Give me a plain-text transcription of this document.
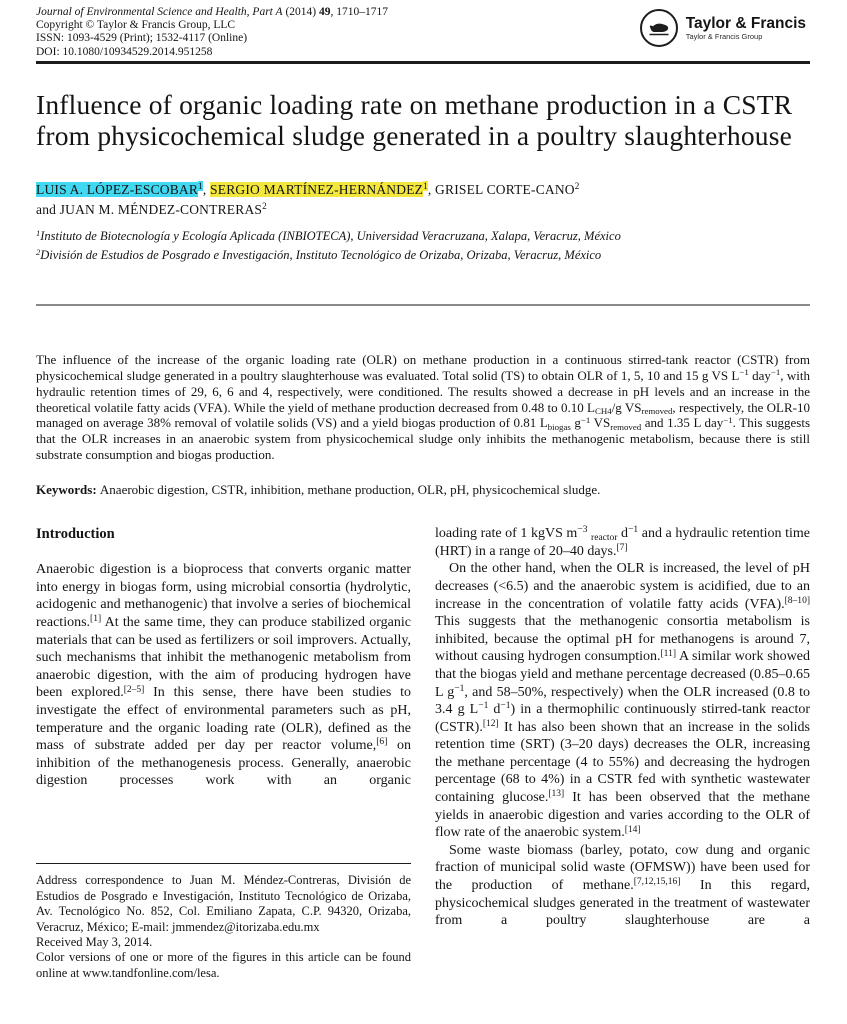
Journal of Environmental Science and Health, Part A (2014) 49, 1710–1717
Copyright © Taylor & Francis Group, LLC
ISSN: 1093-4529 (Print); 1532-4117 (Online)
DOI: 10.1080/10934529.2014.951258
Taylor & Francis
Taylor & Francis Group
Influence of organic loading rate on methane production in a CSTR from physicochemical sludge generated in a poultry slaughterhouse
LUIS A. LÓPEZ-ESCOBAR$^1$, SERGIO MARTÍNEZ-HERNÁNDEZ$^1$, GRISEL CORTE-CANO$^2$
and JUAN M. MÉNDEZ-CONTRERAS$^2$
$^1$Instituto de Biotecnología y Ecología Aplicada (INBIOTECA), Universidad Veracruzana, Xalapa, Veracruz, México
$^2$División de Estudios de Posgrado e Investigación, Instituto Tecnológico de Orizaba, Orizaba, Veracruz, México

The influence of the increase of the organic loading rate (OLR) on methane production in a continuous stirred-tank reactor (CSTR) from physicochemical sludge generated in a poultry slaughterhouse was evaluated. Total solid (TS) to obtain OLR of 1, 5, 10 and 15 g VS $L^{-1}$ day$^{-1}$, with hydraulic retention times of 29, 6, 6 and 4, respectively, were conditioned. The results showed a decrease in pH levels and an increase in the theoretical volatile fatty acids (VFA). While the yield of methane production decreased from 0.48 to 0.10 $L_{CH4}/g$ $VS_{removed}$, respectively, the OLR-10 managed on average 38% removal of volatile solids (VS) and a yield biogas production of 0.81 $L_{biogas}$ $g^{-1}$ $VS_{removed}$ and 1.35 L day$^{-1}$. This suggests that the OLR increases in an anaerobic system from physicochemical sludge only inhibits the methanogenic metabolism, because there is still substrate consumption and biogas production.

Keywords: Anaerobic digestion, CSTR, inhibition, methane production, OLR, pH, physicochemical sludge.

Introduction

Anaerobic digestion is a bioprocess that converts organic matter into energy in biogas form, using microbial consortia (hydrolytic, acidogenic and methanogenic) that involve a series of biochemical reactions.[1] At the same time, they can produce stabilized organic materials that can be used as fertilizers or soil improvers. Actually, such mechanisms that inhibit the methanogenic metabolism from anaerobic digestion, with the aim of producing hydrogen have been explored.[2–5] In this sense, there have been studies to investigate the effect of environmental parameters such as pH, temperature and the organic loading rate (OLR), defined as the mass of substrate added per day per reactor volume,[6] on inhibition of the methanogenesis process. Generally, anaerobic digestion processes work with an organic

Address correspondence to Juan M. Méndez-Contreras, División de Estudios de Posgrado e Investigación, Instituto Tecnológico de Orizaba, Av. Tecnológico No. 852, Col. Emiliano Zapata, C.P. 94320, Orizaba, Veracruz, México; E-mail: jmmendez@itorizaba.edu.mx

Received May 3, 2014.

Color versions of one or more of the figures in this article can be found online at www.tandfonline.com/lesa.

loading rate of 1 kgVS $m^{-3}$ $_{reactor}$ $d^{-1}$ and a hydraulic retention time (HRT) in a range of 20–40 days.[7]

On the other hand, when the OLR is increased, the level of pH decreases (<6.5) and the anaerobic system is acidified, due to an increase in the concentration of volatile fatty acids (VFA).[8–10] This suggests that the methanogenic consortia metabolism is inhibited, because the optimal pH for methanogens is around 7, without causing hydrogen consumption.[11] A similar work showed that the biogas yield and methane percentage decreased (0.85–0.65 L $g^{-1}$, and 58–50%, respectively) when the OLR increased (0.8 to 3.4 g $L^{-1}$ $d^{-1}$) in a thermophilic continuously stirred-tank reactor (CSTR).[12] It has also been shown that an increase in the solids retention time (SRT) (3–20 days) decreases the OLR, increasing the methane percentage (4 to 55%) and decreasing the hydrogen percentage (68 to 4%) in a CSTR fed with synthetic wastewater containing glucose.[13] It has been observed that the methane yields in anaerobic digestion and varies according to the OLR of flow rate of the anaerobic system.[14]

Some waste biomass (barley, potato, cow dung and organic fraction of municipal solid waste (OFMSW)) have been used for the production of methane.[7,12,15,16] In this regard, physicochemical sludges generated in the treatment of wastewater from a poultry slaughterhouse are a
